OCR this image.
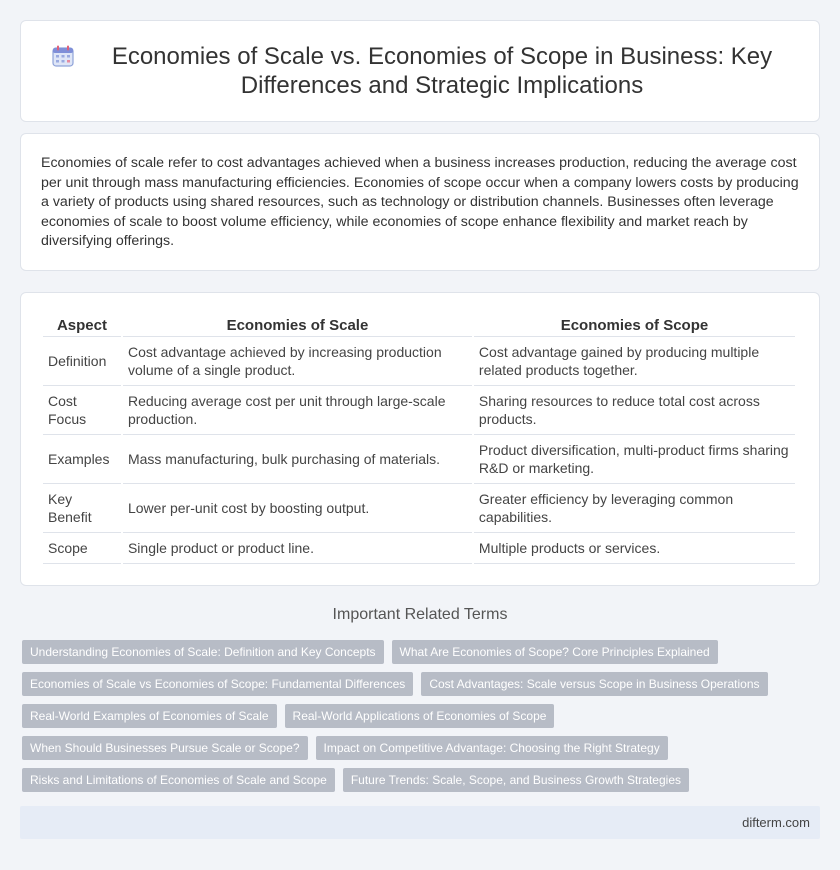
Economies of Scale vs. Economies of Scope in Business: Key Differences and Strategic Implications

Economies of scale refer to cost advantages achieved when a business increases production, reducing the average cost per unit through mass manufacturing efficiencies. Economies of scope occur when a company lowers costs by producing a variety of products using shared resources, such as technology or distribution channels. Businesses often leverage economies of scale to boost volume efficiency, while economies of scope enhance flexibility and market reach by diversifying offerings.

Aspect	Economies of Scale	Economies of Scope
Definition	Cost advantage achieved by increasing production volume of a single product.	Cost advantage gained by producing multiple related products together.
Cost Focus	Reducing average cost per unit through large-scale production.	Sharing resources to reduce total cost across products.
Examples	Mass manufacturing, bulk purchasing of materials.	Product diversification, multi-product firms sharing R&D or marketing.
Key Benefit	Lower per-unit cost by boosting output.	Greater efficiency by leveraging common capabilities.
Scope	Single product or product line.	Multiple products or services.
Important Related Terms
Understanding Economies of Scale: Definition and Key Concepts	What Are Economies of Scope? Core Principles Explained
Economies of Scale vs Economies of Scope: Fundamental Differences	Cost Advantages: Scale versus Scope in Business Operations
Real-World Examples of Economies of Scale	Real-World Applications of Economies of Scope
When Should Businesses Pursue Scale or Scope?	Impact on Competitive Advantage: Choosing the Right Strategy
Risks and Limitations of Economies of Scale and Scope	Future Trends: Scale, Scope, and Business Growth Strategies
difterm.com
